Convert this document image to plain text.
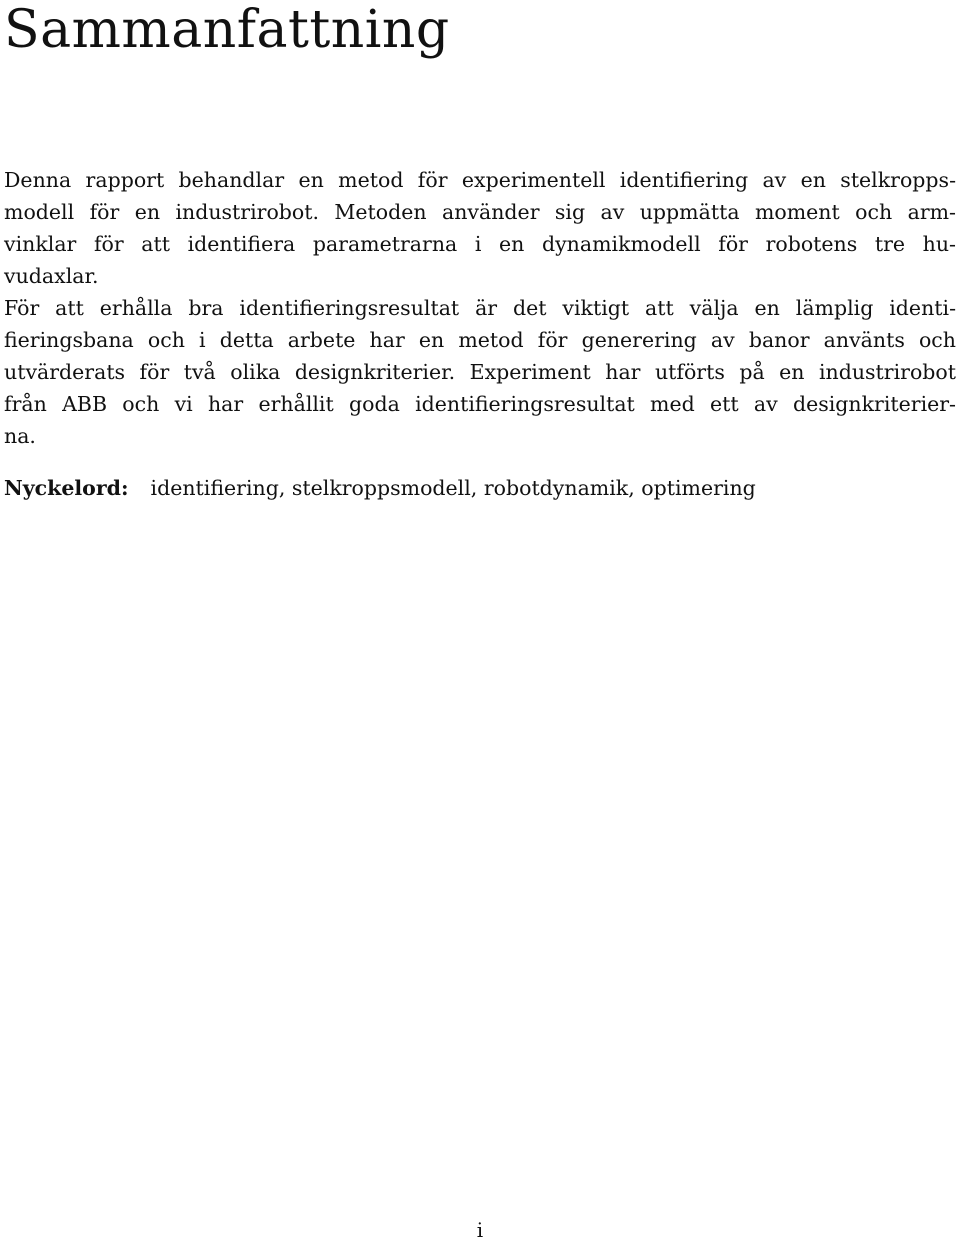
Sammanfattning
Denna rapport behandlar en metod för experimentell identifiering av en stelkropps-
modell för en industrirobot. Metoden använder sig av uppmätta moment och arm-
vinklar för att identifiera parametrarna i en dynamikmodell för robotens tre hu-
vudaxlar.
För att erhålla bra identifieringsresultat är det viktigt att välja en lämplig identi-
fieringsbana och i detta arbete har en metod för generering av banor använts och
utvärderats för två olika designkriterier. Experiment har utförts på en industrirobot
från ABB och vi har erhållit goda identifieringsresultat med ett av designkriterier-
na.
Nyckelord: identifiering, stelkroppsmodell, robotdynamik, optimering
i
